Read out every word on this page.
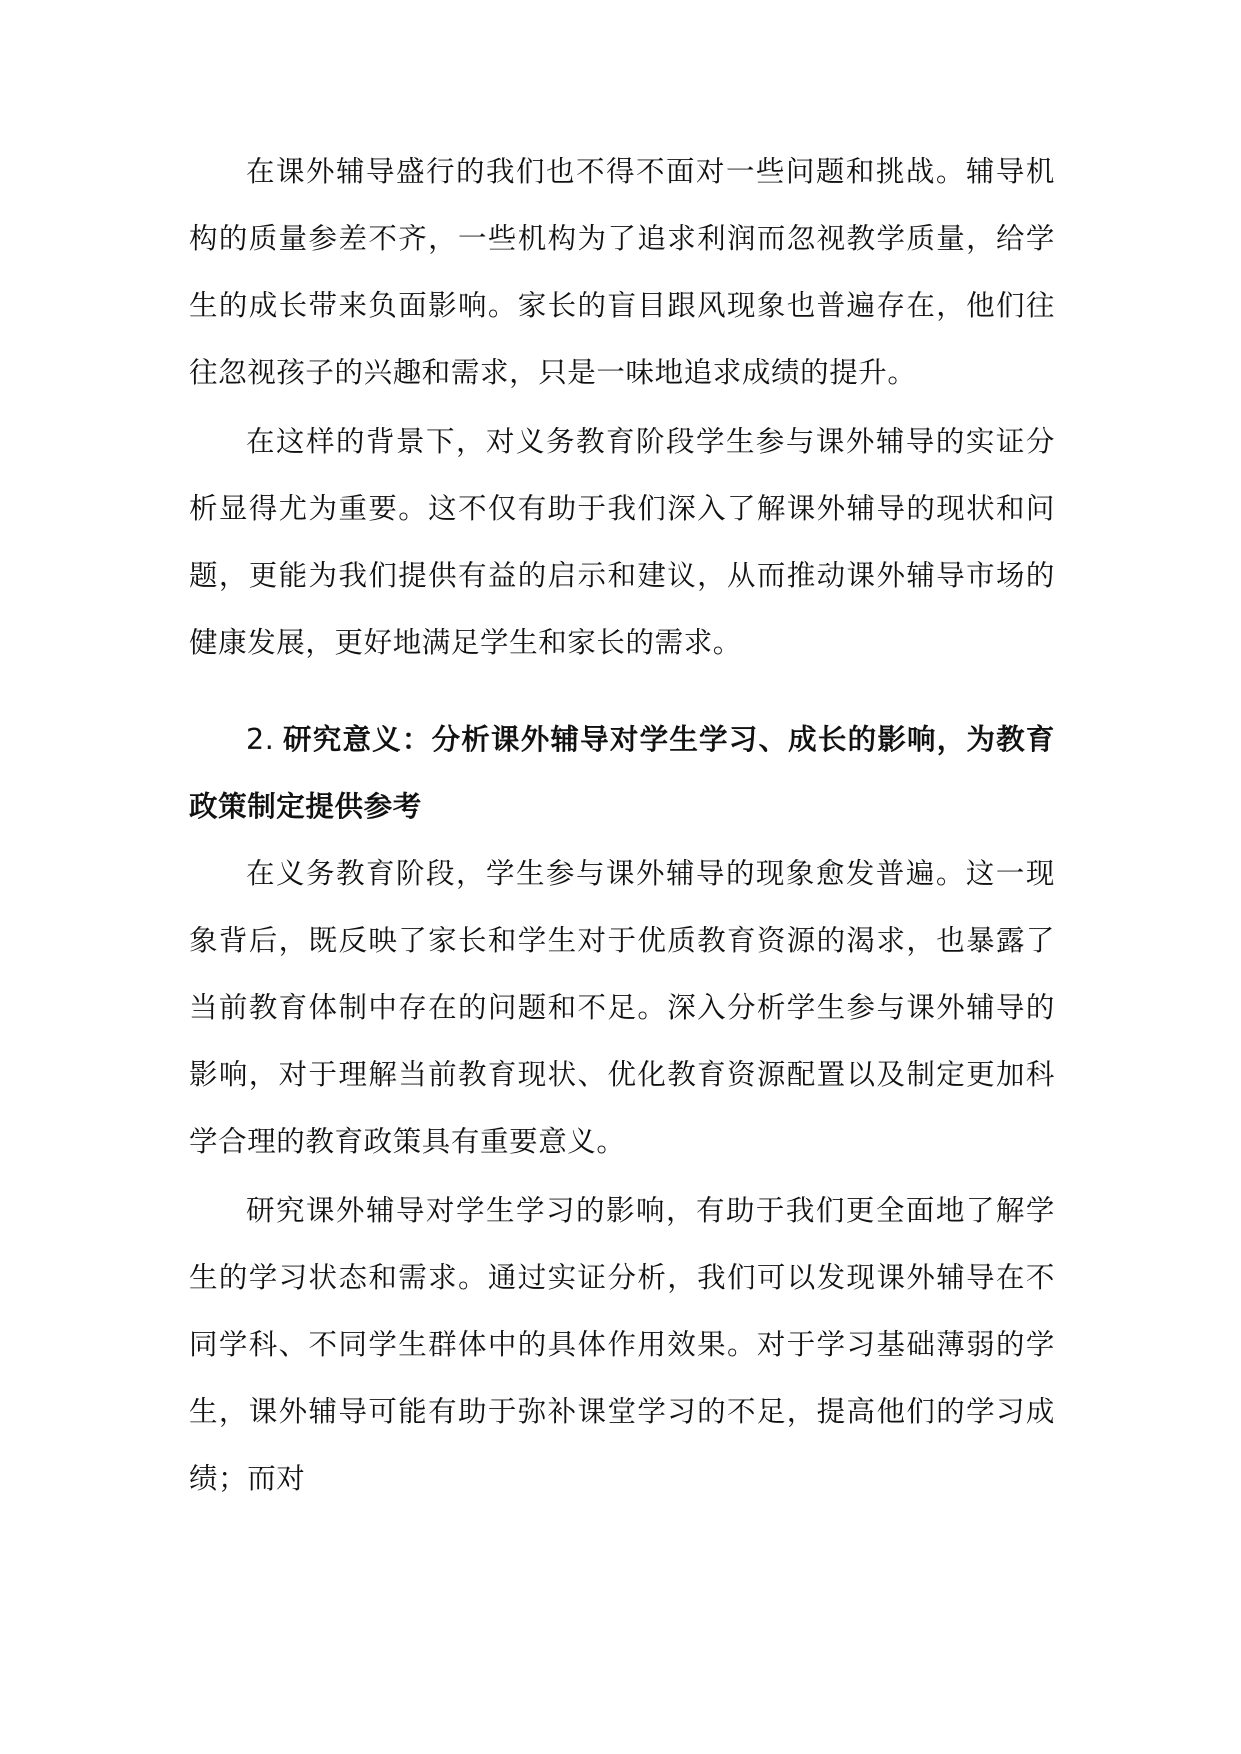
在课外辅导盛行的我们也不得不面对一些问题和挑战。辅导机构的质量参差不齐，一些机构为了追求利润而忽视教学质量，给学生的成长带来负面影响。家长的盲目跟风现象也普遍存在，他们往往忽视孩子的兴趣和需求，只是一味地追求成绩的提升。

在这样的背景下，对义务教育阶段学生参与课外辅导的实证分析显得尤为重要。这不仅有助于我们深入了解课外辅导的现状和问题，更能为我们提供有益的启示和建议，从而推动课外辅导市场的健康发展，更好地满足学生和家长的需求。

2. 研究意义：分析课外辅导对学生学习、成长的影响，为教育政策制定提供参考

在义务教育阶段，学生参与课外辅导的现象愈发普遍。这一现象背后，既反映了家长和学生对于优质教育资源的渴求，也暴露了当前教育体制中存在的问题和不足。深入分析学生参与课外辅导的影响，对于理解当前教育现状、优化教育资源配置以及制定更加科学合理的教育政策具有重要意义。

研究课外辅导对学生学习的影响，有助于我们更全面地了解学生的学习状态和需求。通过实证分析，我们可以发现课外辅导在不同学科、不同学生群体中的具体作用效果。对于学习基础薄弱的学生，课外辅导可能有助于弥补课堂学习的不足，提高他们的学习成绩；而对
